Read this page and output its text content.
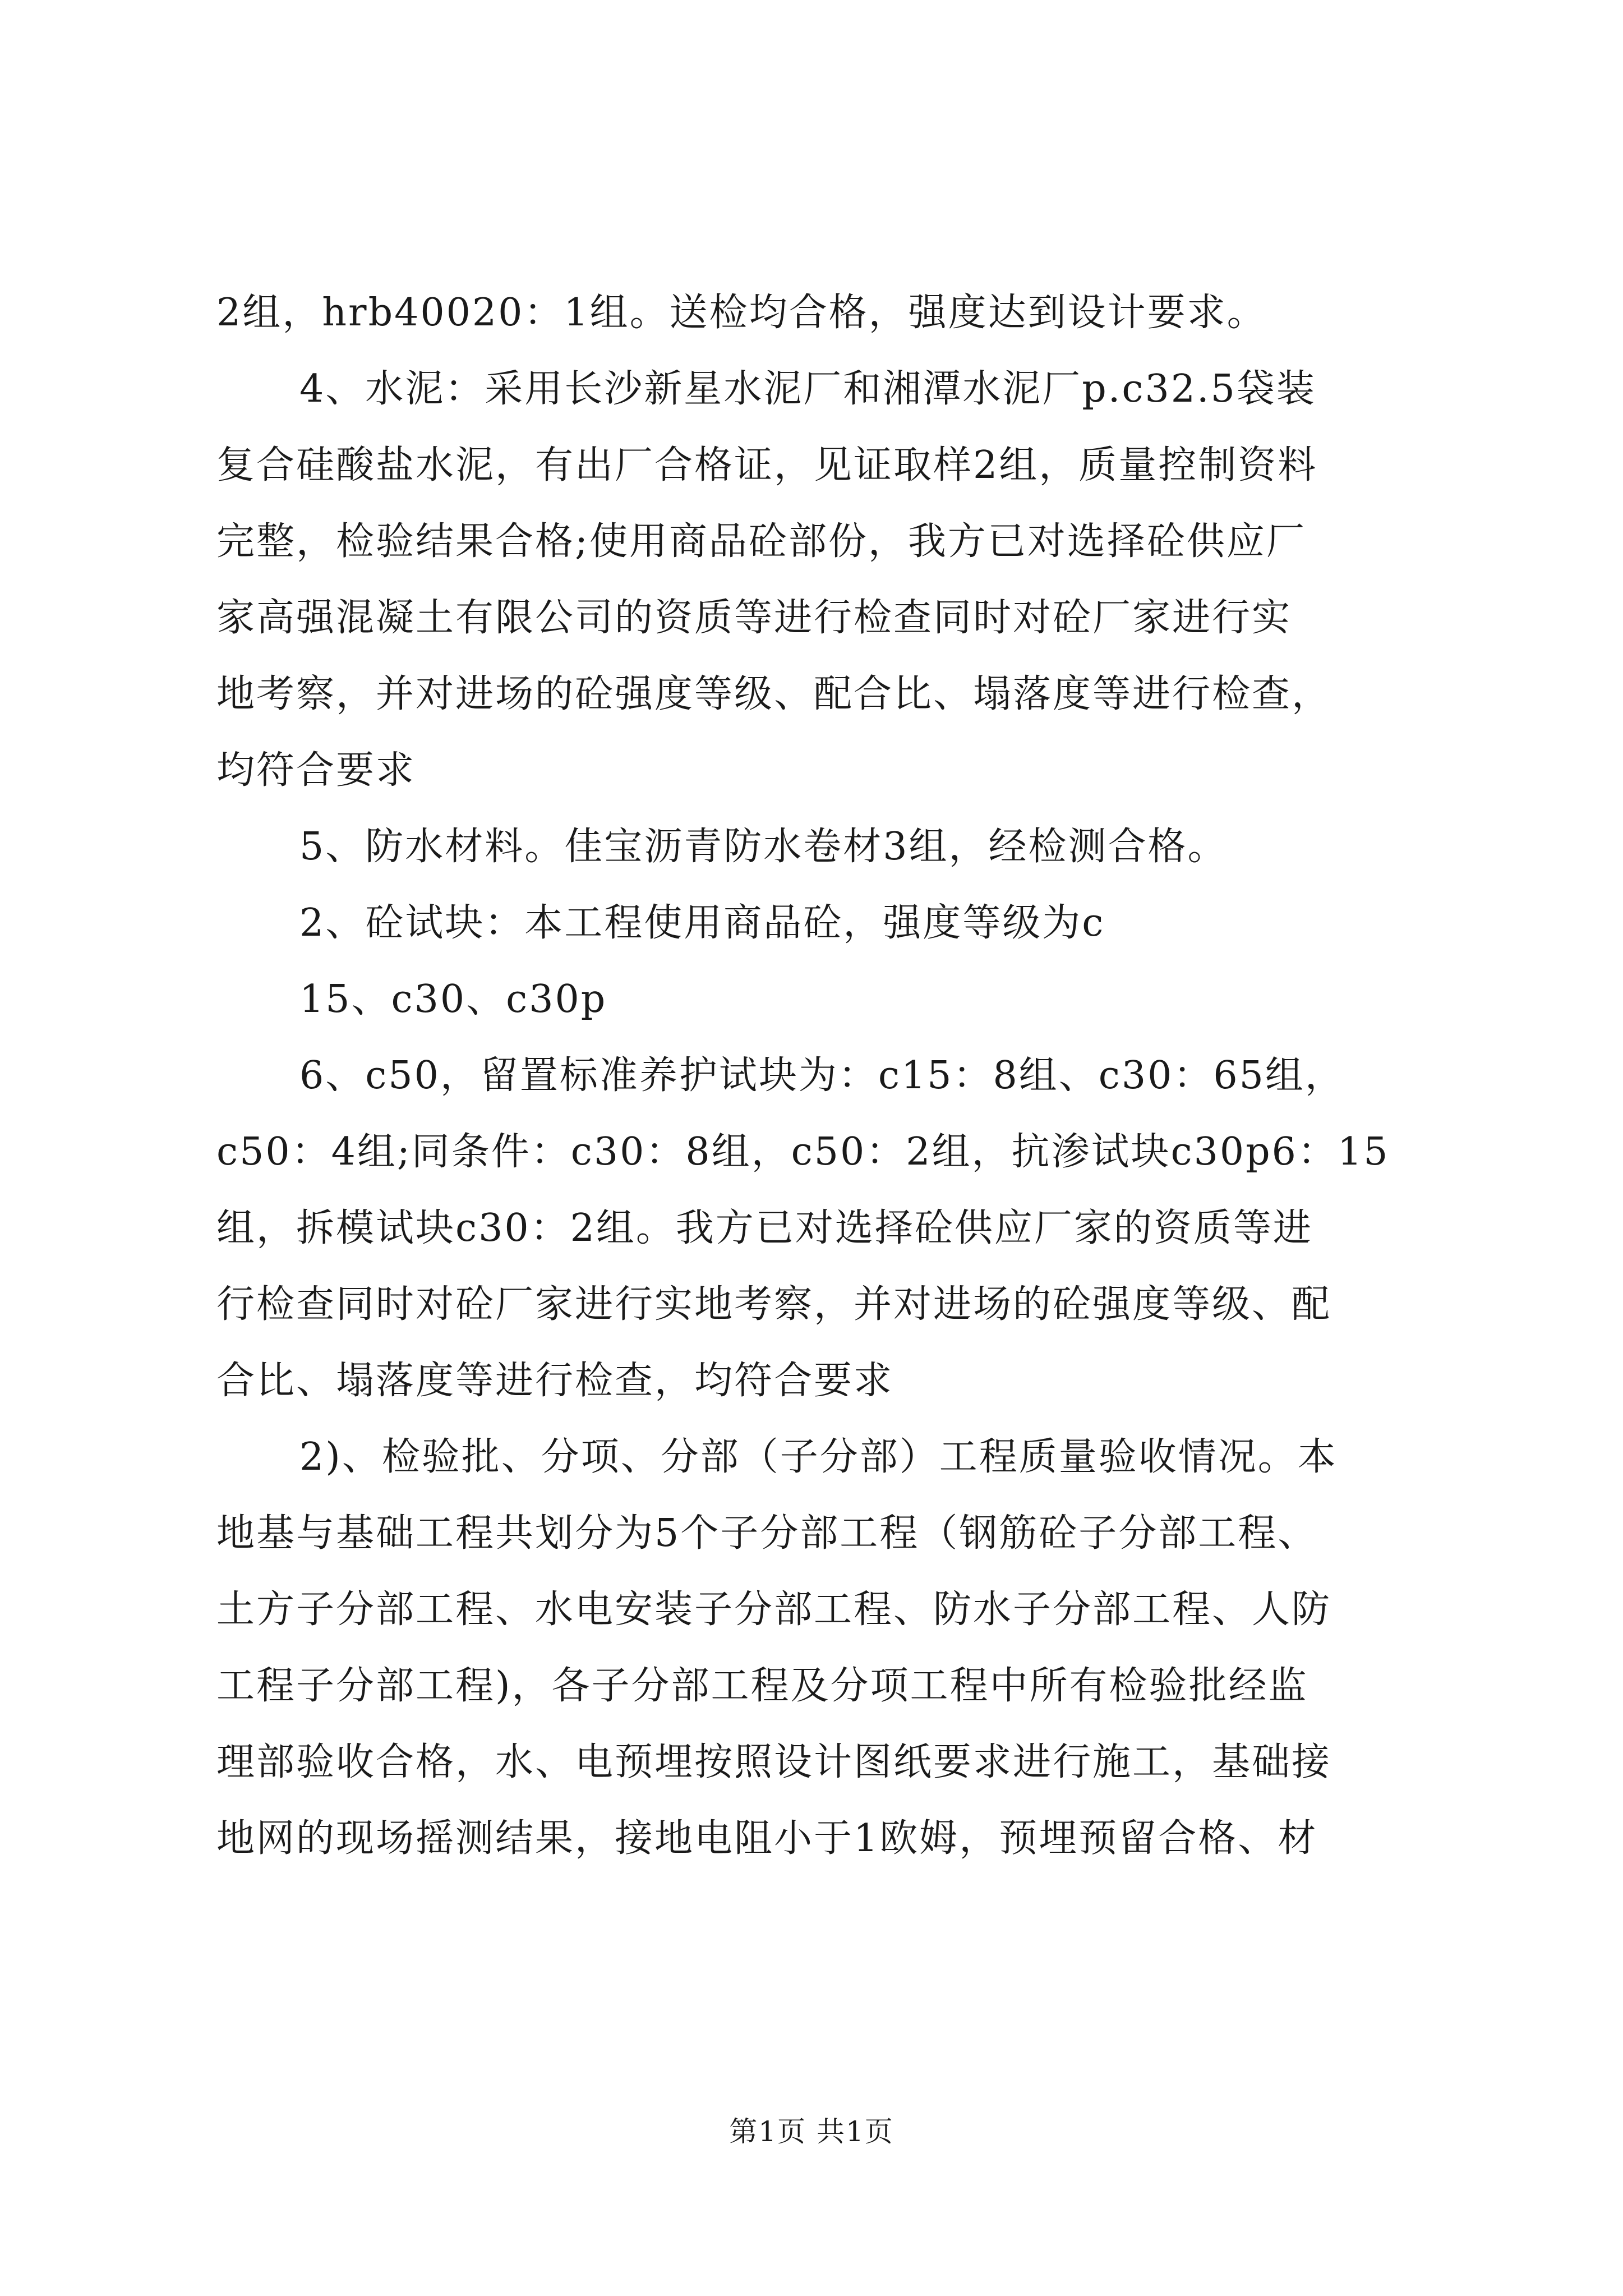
2组，hrb40020：1组。送检均合格，强度达到设计要求。
4、水泥：采用长沙新星水泥厂和湘潭水泥厂p.c32.5袋装
复合硅酸盐水泥，有出厂合格证，见证取样2组，质量控制资料
完整，检验结果合格;使用商品砼部份，我方已对选择砼供应厂
家高强混凝土有限公司的资质等进行检查同时对砼厂家进行实
地考察，并对进场的砼强度等级、配合比、塌落度等进行检查，
均符合要求
5、防水材料。佳宝沥青防水卷材3组，经检测合格。
2、砼试块：本工程使用商品砼，强度等级为c
15、c30、c30p
6、c50，留置标准养护试块为：c15：8组、c30：65组，
c50：4组;同条件：c30：8组，c50：2组，抗渗试块c30p6：15
组，拆模试块c30：2组。我方已对选择砼供应厂家的资质等进
行检查同时对砼厂家进行实地考察，并对进场的砼强度等级、配
合比、塌落度等进行检查，均符合要求
2)、检验批、分项、分部（子分部）工程质量验收情况。本
地基与基础工程共划分为5个子分部工程（钢筋砼子分部工程、
土方子分部工程、水电安装子分部工程、防水子分部工程、人防
工程子分部工程)，各子分部工程及分项工程中所有检验批经监
理部验收合格，水、电预埋按照设计图纸要求进行施工，基础接
地网的现场摇测结果，接地电阻小于1欧姆，预埋预留合格、材
第1页 共1页
